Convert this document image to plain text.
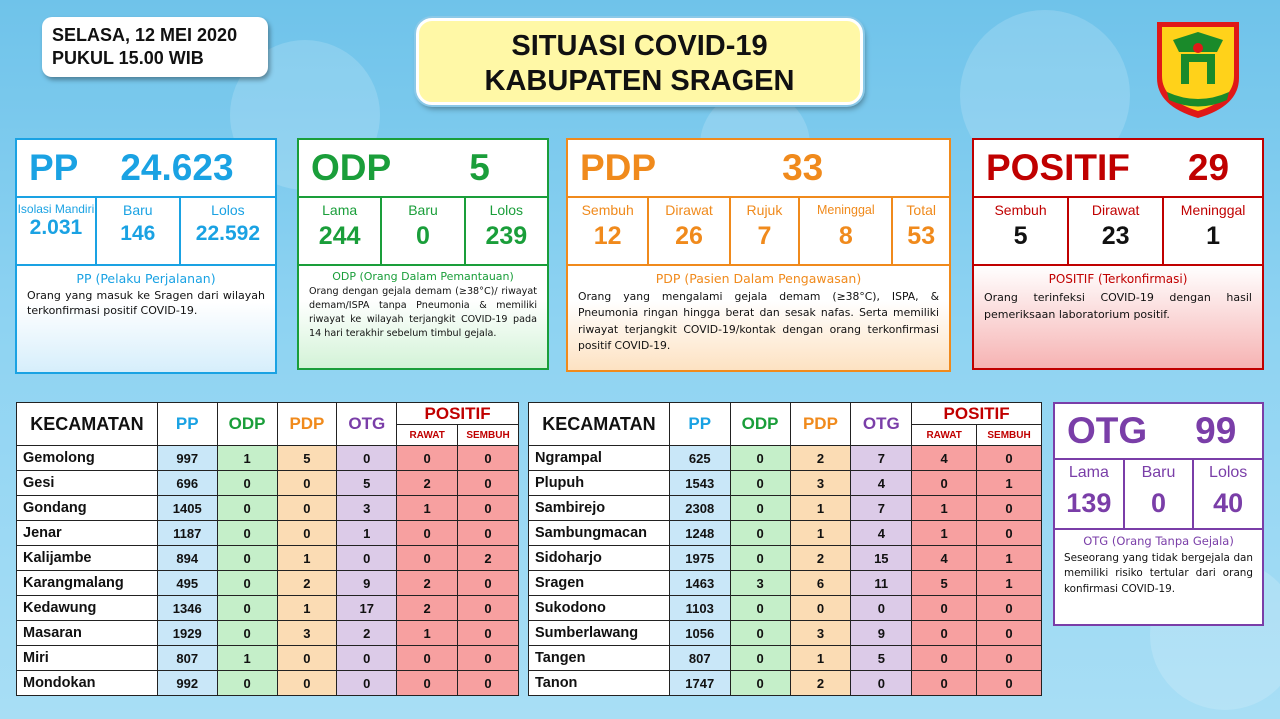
SELASA, 12 MEI 2020
PUKUL 15.00 WIB	SITUASI COVID-19
KABUPATEN SRAGEN
PP 24.623
Isolasi Mandiri
2.031
Baru
146
Lolos
22.592
PP (Pelaku Perjalanan)
Orang yang masuk ke Sragen dari wilayah terkonfirmasi positif COVID-19.
ODP 5
Lama
244
Baru
0
Lolos
239
ODP (Orang Dalam Pemantauan)
Orang dengan gejala demam (≥38°C)/ riwayat demam/ISPA tanpa Pneumonia & memiliki riwayat ke wilayah terjangkit COVID-19 pada 14 hari terakhir sebelum timbul gejala.
PDP	33
Sembuh
12
Dirawat
26
Rujuk
7
Meninggal
8
Total
53
PDP (Pasien Dalam Pengawasan)
Orang yang mengalami gejala demam (≥38°C), ISPA, & Pneumonia ringan hingga berat dan sesak nafas. Serta memiliki riwayat terjangkit COVID-19/kontak dengan orang terkonfirmasi positif COVID-19.
POSITIF 29
Sembuh
5
Dirawat
23
Meninggal
1
POSITIF (Terkonfirmasi)
Orang terinfeksi COVID-19 dengan hasil pemeriksaan laboratorium positif.
KECAMATAN	PP	ODP	PDP	OTG	POSITIF	
					RAWAT	SEMBUH
Gemolong	997	1	5	0	0	0
Gesi	696	0	0	5	2	0
Gondang	1405	0	0	3	1	0
Jenar	1187	0	0	1	0	0
Kalijambe	894	0	1	0	0	2
Karangmalang	495	0	2	9	2	0
Kedawung	1346	0	1	17	2	0
Masaran	1929	0	3	2	1	0
Miri	807	1	0	0	0	0
Mondokan	992	0	0	0	0	0
KECAMATAN	PP	ODP	PDP	OTG	POSITIF	
					RAWAT	SEMBUH
Ngrampal	625	0	2	7	4	0
Plupuh	1543	0	3	4	0	1
Sambirejo	2308	0	1	7	1	0
Sambungmacan	1248	0	1	4	1	0
Sidoharjo	1975	0	2	15	4	1
Sragen	1463	3	6	11	5	1
Sukodono	1103	0	0	0	0	0
Sumberlawang	1056	0	3	9	0	0
Tangen	807	0	1	5	0	0
Tanon	1747	0	2	0	0	0
OTG 99
Lama
139
Baru
0
Lolos
40
OTG (Orang Tanpa Gejala)
Seseorang yang tidak bergejala dan memiliki risiko tertular dari orang konfirmasi COVID-19.
